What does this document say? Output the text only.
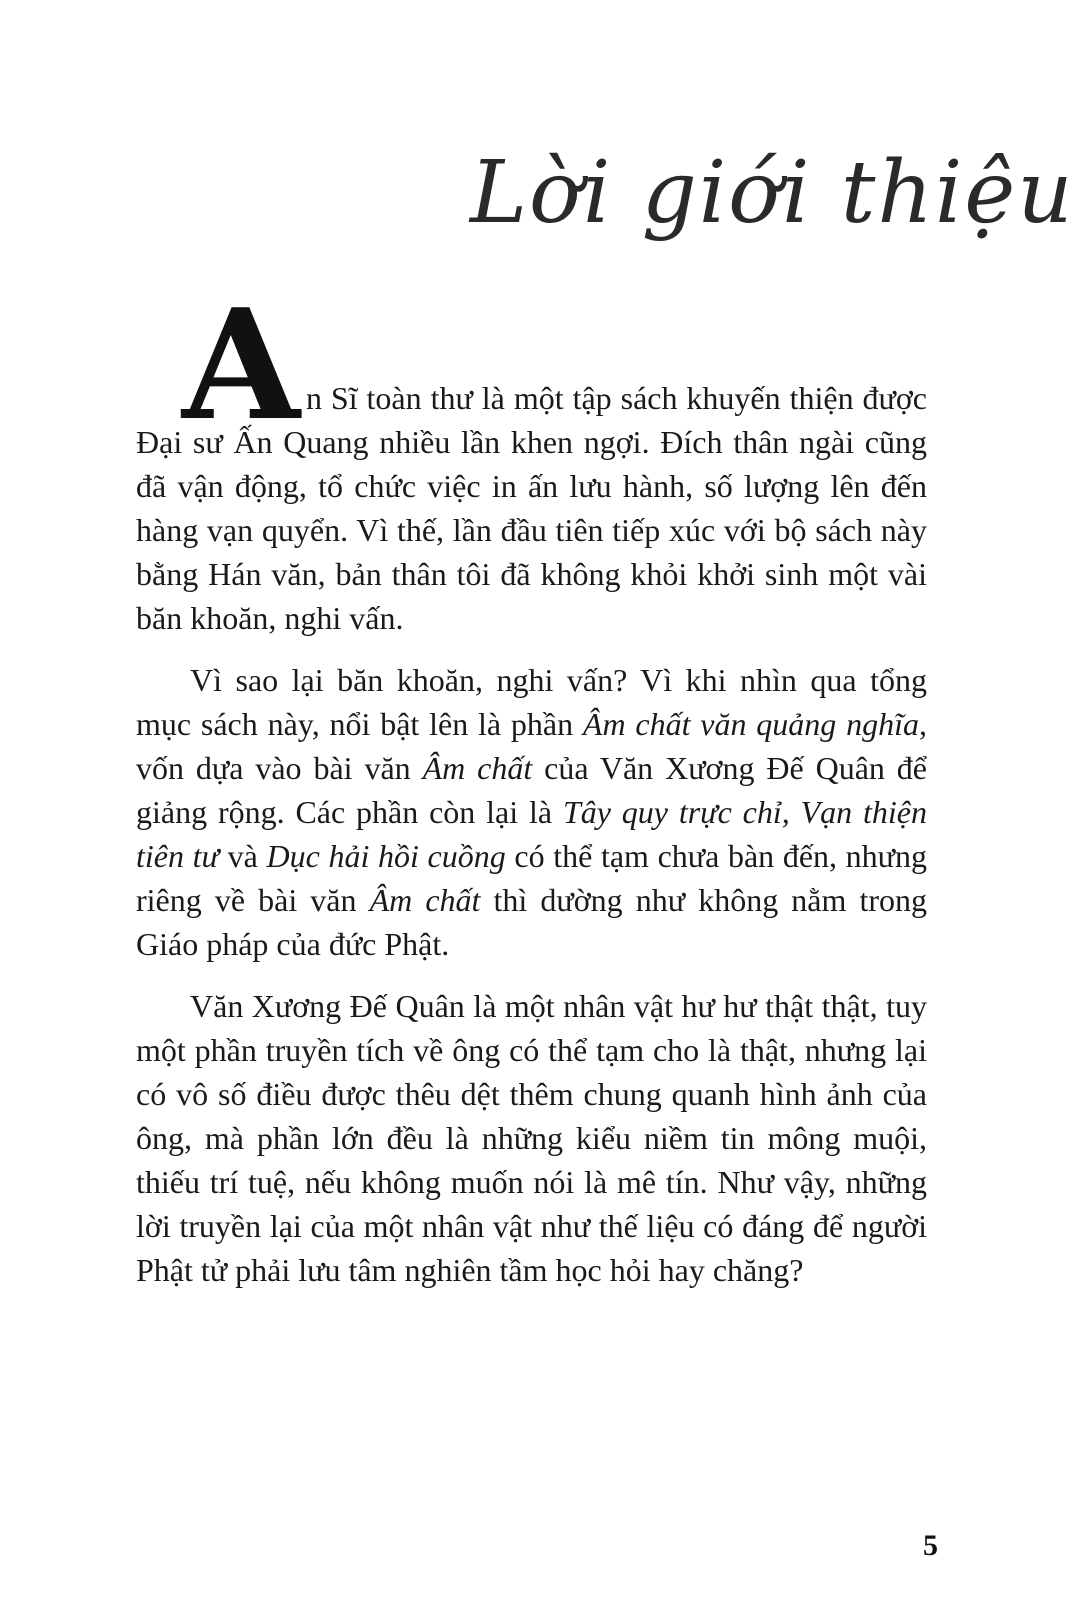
Lời giới thiệu

An Sĩ toàn thư là một tập sách khuyến thiện được Đại sư Ấn Quang nhiều lần khen ngợi. Đích thân ngài cũng đã vận động, tổ chức việc in ấn lưu hành, số lượng lên đến hàng vạn quyển. Vì thế, lần đầu tiên tiếp xúc với bộ sách này bằng Hán văn, bản thân tôi đã không khỏi khởi sinh một vài băn khoăn, nghi vấn.

Vì sao lại băn khoăn, nghi vấn? Vì khi nhìn qua tổng mục sách này, nổi bật lên là phần Âm chất văn quảng nghĩa, vốn dựa vào bài văn Âm chất của Văn Xương Đế Quân để giảng rộng. Các phần còn lại là Tây quy trực chỉ, Vạn thiện tiên tư và Dục hải hồi cuồng có thể tạm chưa bàn đến, nhưng riêng về bài văn Âm chất thì dường như không nằm trong Giáo pháp của đức Phật.

Văn Xương Đế Quân là một nhân vật hư hư thật thật, tuy một phần truyền tích về ông có thể tạm cho là thật, nhưng lại có vô số điều được thêu dệt thêm chung quanh hình ảnh của ông, mà phần lớn đều là những kiểu niềm tin mông muội, thiếu trí tuệ, nếu không muốn nói là mê tín. Như vậy, những lời truyền lại của một nhân vật như thế liệu có đáng để người Phật tử phải lưu tâm nghiên tầm học hỏi hay chăng?

5
